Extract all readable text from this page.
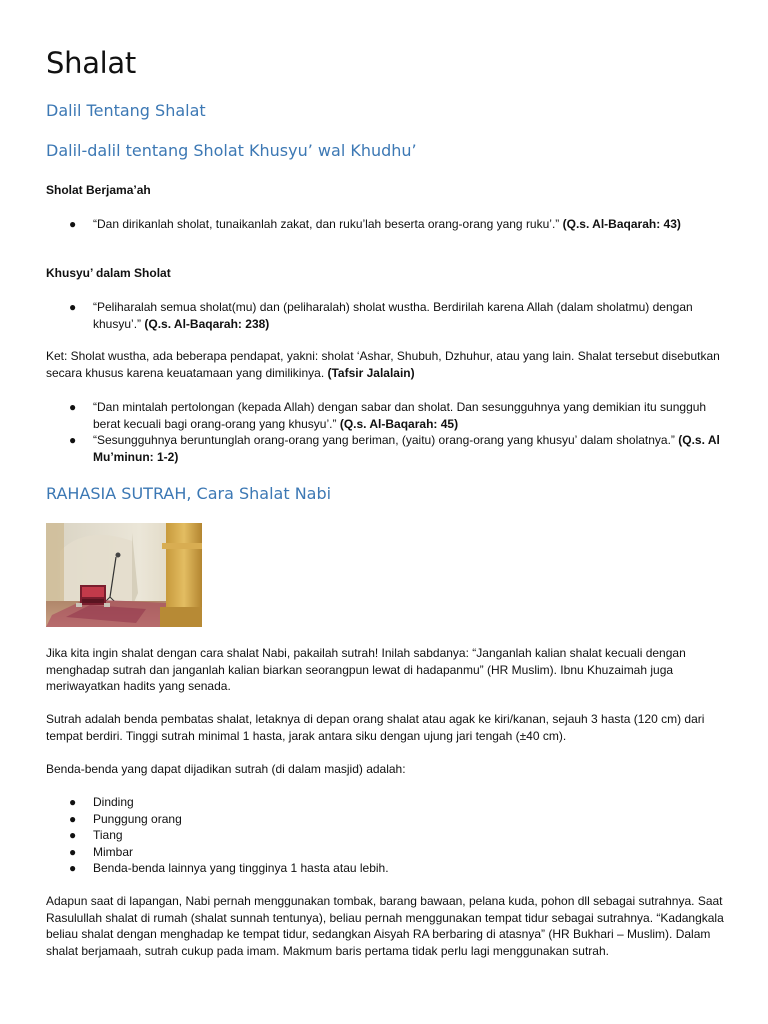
Shalat
Dalil Tentang Shalat
Dalil-dalil tentang Sholat Khusyu’ wal Khudhu’
Sholat Berjama’ah
● “Dan dirikanlah sholat, tunaikanlah zakat, dan ruku’lah beserta orang-orang yang ruku’.” (Q.s. Al-Baqarah: 43)
Khusyu’ dalam Sholat
● “Peliharalah semua sholat(mu) dan (peliharalah) sholat wustha. Berdirilah karena Allah (dalam sholatmu) dengan khusyu’.” (Q.s. Al-Baqarah: 238)
Ket: Sholat wustha, ada beberapa pendapat, yakni: sholat ‘Ashar, Shubuh, Dzhuhur, atau yang lain. Shalat tersebut disebutkan secara khusus karena keuatamaan yang dimilikinya. (Tafsir Jalalain)
● “Dan mintalah pertolongan (kepada Allah) dengan sabar dan sholat. Dan sesungguhnya yang demikian itu sungguh berat kecuali bagi orang-orang yang khusyu’.” (Q.s. Al-Baqarah: 45)
● “Sesungguhnya beruntunglah orang-orang yang beriman, (yaitu) orang-orang yang khusyu’ dalam sholatnya.” (Q.s. Al Mu’minun: 1-2)
RAHASIA SUTRAH, Cara Shalat Nabi
Jika kita ingin shalat dengan cara shalat Nabi, pakailah sutrah! Inilah sabdanya: “Janganlah kalian shalat kecuali dengan menghadap sutrah dan janganlah kalian biarkan seorangpun lewat di hadapanmu” (HR Muslim). Ibnu Khuzaimah juga meriwayatkan hadits yang senada.
Sutrah adalah benda pembatas shalat, letaknya di depan orang shalat atau agak ke kiri/kanan, sejauh 3 hasta (120 cm) dari tempat berdiri. Tinggi sutrah minimal 1 hasta, jarak antara siku dengan ujung jari tengah (±40 cm).
Benda-benda yang dapat dijadikan sutrah (di dalam masjid) adalah:
● Dinding
● Punggung orang
● Tiang
● Mimbar
● Benda-benda lainnya yang tingginya 1 hasta atau lebih.
Adapun saat di lapangan, Nabi pernah menggunakan tombak, barang bawaan, pelana kuda, pohon dll sebagai sutrahnya. Saat Rasulullah shalat di rumah (shalat sunnah tentunya), beliau pernah menggunakan tempat tidur sebagai sutrahnya. “Kadangkala beliau shalat dengan menghadap ke tempat tidur, sedangkan Aisyah RA berbaring di atasnya” (HR Bukhari – Muslim). Dalam shalat berjamaah, sutrah cukup pada imam. Makmum baris pertama tidak perlu lagi menggunakan sutrah.
